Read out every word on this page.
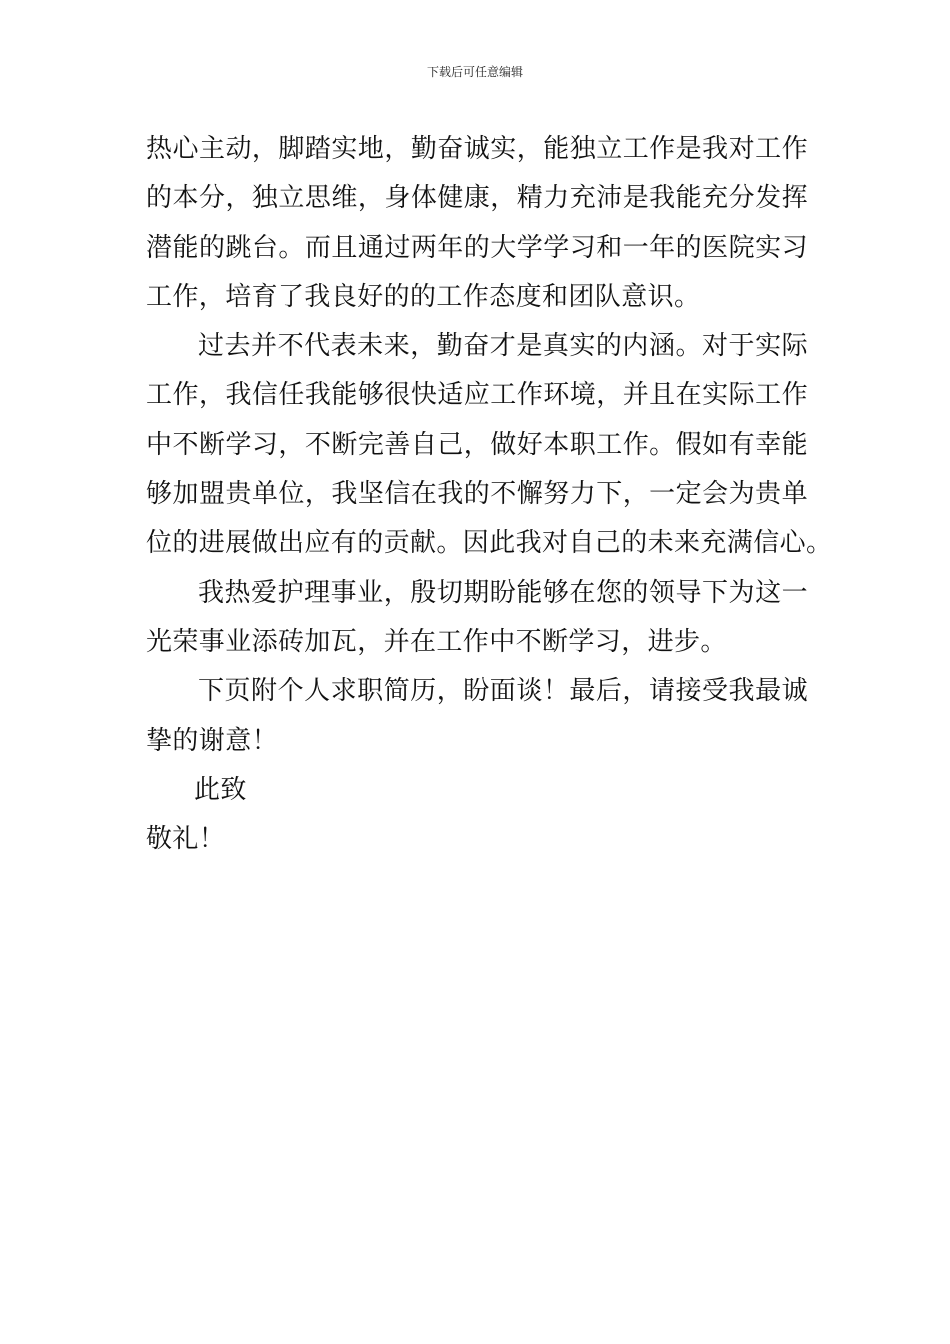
下载后可任意编辑
热心主动，脚踏实地，勤奋诚实，能独立工作是我对工作
的本分，独立思维，身体健康，精力充沛是我能充分发挥
潜能的跳台。而且通过两年的大学学习和一年的医院实习
工作，培育了我良好的的工作态度和团队意识。
过去并不代表未来，勤奋才是真实的内涵。对于实际
工作，我信任我能够很快适应工作环境，并且在实际工作
中不断学习，不断完善自己，做好本职工作。假如有幸能
够加盟贵单位，我坚信在我的不懈努力下，一定会为贵单
位的进展做出应有的贡献。因此我对自己的未来充满信心。
我热爱护理事业，殷切期盼能够在您的领导下为这一
光荣事业添砖加瓦，并在工作中不断学习，进步。
下页附个人求职简历，盼面谈！最后，请接受我最诚
挚的谢意！
此致
敬礼！
